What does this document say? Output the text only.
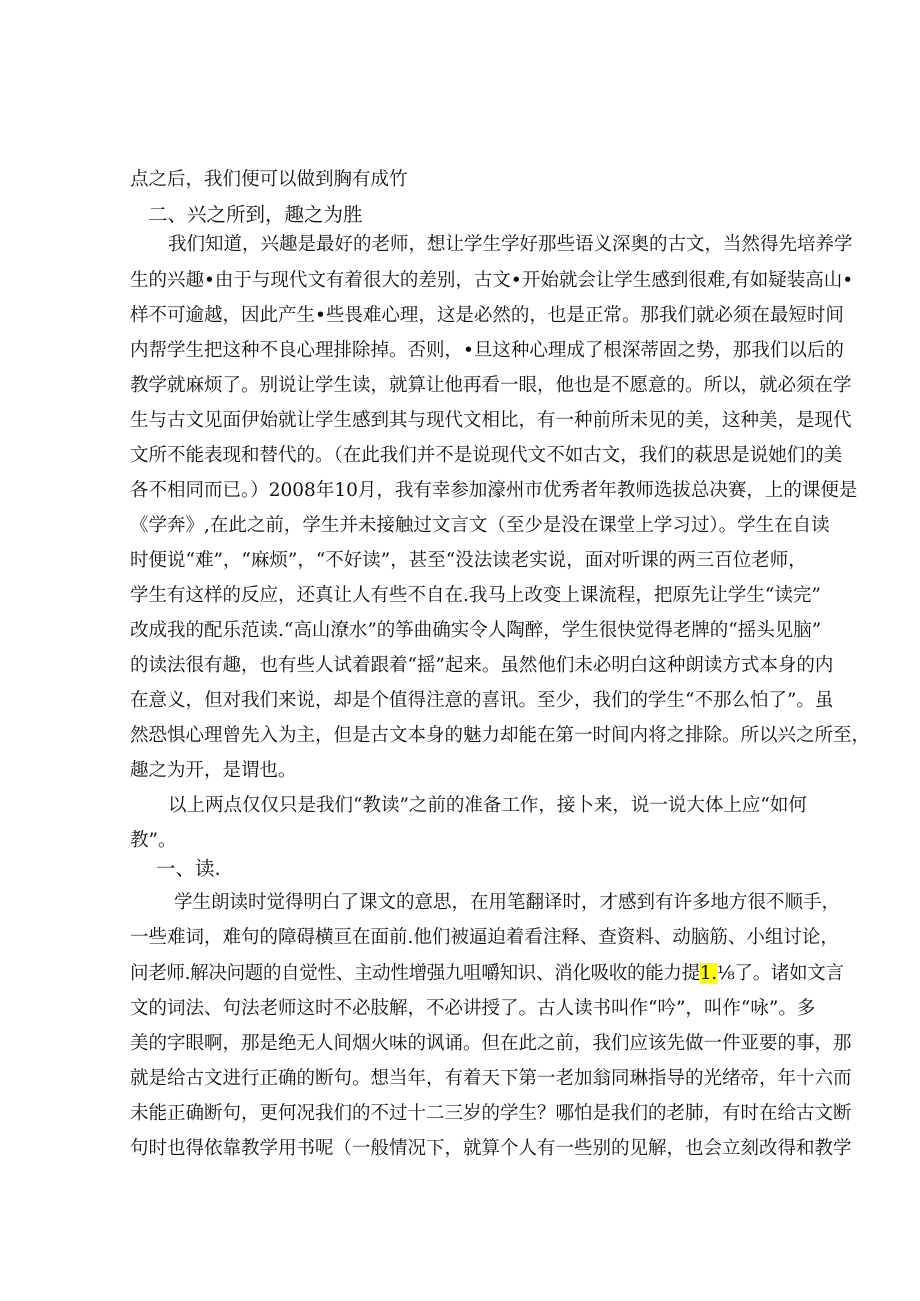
点之后，我们便可以做到胸有成竹
二、兴之所到，趣之为胜
我们知道，兴趣是最好的老师，想让学生学好那些语义深奥的古文，当然得先培养学
生的兴趣•由于与现代文有着很大的差别，古文•开始就会让学生感到很难,有如疑装高山•
样不可逾越，因此产生•些畏难心理，这是必然的，也是正常。那我们就必须在最短时间
内帮学生把这种不良心理排除掉。否则，•旦这种心理成了根深蒂固之势，那我们以后的
教学就麻烦了。别说让学生读，就算让他再看一眼，他也是不愿意的。所以，就必须在学
生与古文见面伊始就让学生感到其与现代文相比，有一种前所未见的美，这种美，是现代
文所不能表现和替代的。（在此我们并不是说现代文不如古文，我们的萩思是说她们的美
各不相同而已。）2008年10月，我有幸参加濠州市优秀者年教师选拔总决赛，上的课便是
《学奔》,在此之前，学生并未接触过文言文（至少是没在课堂上学习过）。学生在自读
时便说“难”，“麻烦”，“不好读”，甚至“没法读老实说，面对听课的两三百位老师，
学生有这样的反应，还真让人有些不自在.我马上改变上课流程，把原先让学生“读完”
改成我的配乐范读.“高山潦水”的筝曲确实令人陶醉，学生很快觉得老牌的“摇头见脑”
的读法很有趣，也有些人试着跟着“摇”起来。虽然他们未必明白这种朗读方式本身的内
在意义，但对我们来说，却是个值得注意的喜讯。至少，我们的学生“不那么怕了”。虽
然恐惧心理曾先入为主，但是古文本身的魅力却能在第一时间内将之排除。所以兴之所至，
趣之为开，是谓也。
以上两点仅仅只是我们“教读”之前的准备工作，接卜来，说一说大体上应“如何
教”。
一、读.
学生朗读时觉得明白了课文的意思，在用笔翻译时，才感到有许多地方很不顺手，
一些难词，难句的障碍横亘在面前.他们被逼迫着看注释、查资料、动脑筋、小组讨论，
问老师.解决问题的自觉性、主动性增强九咀嚼知识、消化吸收的能力提1.⅛了。诸如文言
文的词法、句法老师这时不必肢解，不必讲授了。古人读书叫作“吟”，叫作“咏”。多
美的字眼啊，那是绝无人间烟火味的讽诵。但在此之前，我们应该先做一件亚要的事，那
就是给古文进行正确的断句。想当年，有着天下第一老加翁同琳指导的光绪帝，年十六而
未能正确断句，更何况我们的不过十二三岁的学生？哪怕是我们的老肺，有时在给古文断
句时也得依靠教学用书呢（一般情况下，就算个人有一些别的见解，也会立刻改得和教学
